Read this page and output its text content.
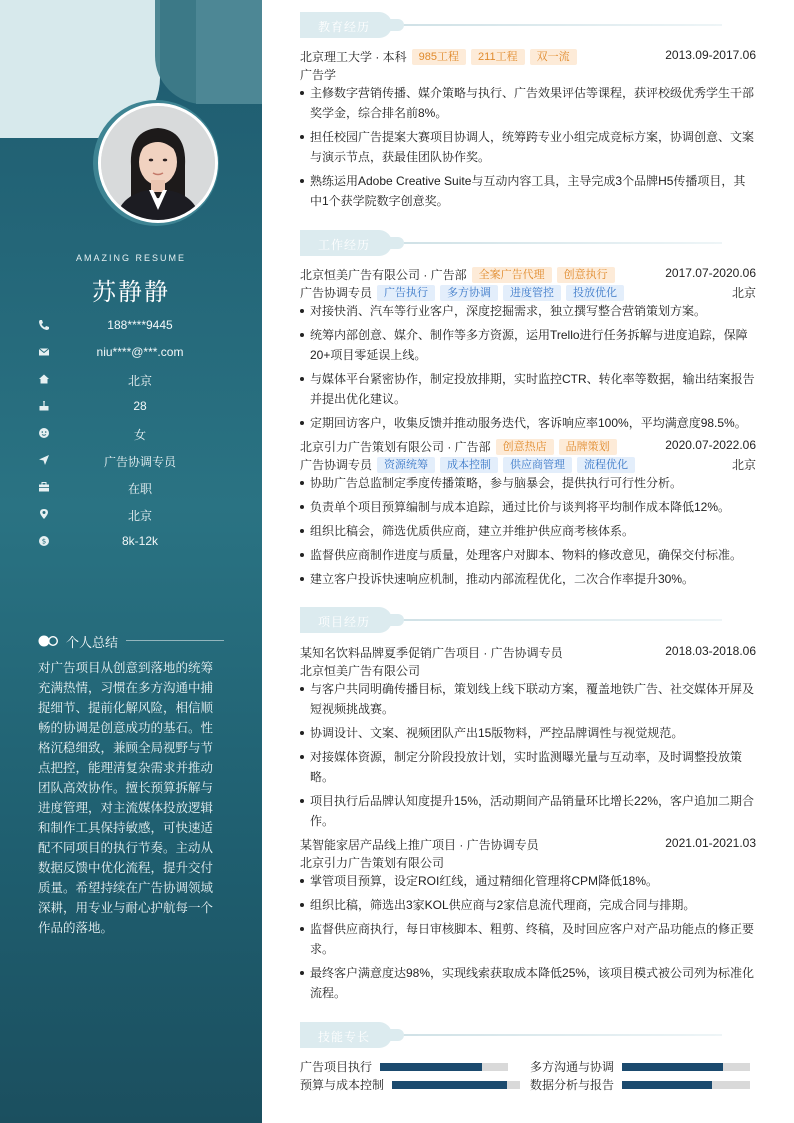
AMAZING RESUME
苏静静
188****9445
niu****@***.com
北京
28
女
广告协调专员
在职
北京
$	8k-12k
个人总结
对广告项目从创意到落地的统筹充满热情，习惯在多方沟通中捕捉细节、提前化解风险，相信顺畅的协调是创意成功的基石。性格沉稳细致，兼顾全局视野与节点把控，能理清复杂需求并推动团队高效协作。擅长预算拆解与进度管理，对主流媒体投放逻辑和制作工具保持敏感，可快速适配不同项目的执行节奏。主动从数据反馈中优化流程，提升交付质量。希望持续在广告协调领域深耕，用专业与耐心护航每一个作品的落地。
教育经历
北京理工大学 · 本科 985工程 211工程 双一流	2013.09-2017.06
广告学
主修数字营销传播、媒介策略与执行、广告效果评估等课程，获评校级优秀学生干部奖学金，综合排名前8%。
担任校园广告提案大赛项目协调人，统筹跨专业小组完成竞标方案，协调创意、文案与演示节点，获最佳团队协作奖。
熟练运用Adobe Creative Suite与互动内容工具，主导完成3个品牌H5传播项目，其中1个获学院数字创意奖。
工作经历
北京恒美广告有限公司 · 广告部 全案广告代理 创意执行	2017.07-2020.06
广告协调专员 广告执行 多方协调 进度管控 投放优化	北京
对接快消、汽车等行业客户，深度挖掘需求，独立撰写整合营销策划方案。
统筹内部创意、媒介、制作等多方资源，运用Trello进行任务拆解与进度追踪，保障20+项目零延误上线。
与媒体平台紧密协作，制定投放排期，实时监控CTR、转化率等数据，输出结案报告并提出优化建议。
定期回访客户，收集反馈并推动服务迭代，客诉响应率100%，平均满意度98.5%。
北京引力广告策划有限公司 · 广告部 创意热店 品牌策划	2020.07-2022.06
广告协调专员 资源统筹 成本控制 供应商管理 流程优化	北京
协助广告总监制定季度传播策略，参与脑暴会，提供执行可行性分析。
负责单个项目预算编制与成本追踪，通过比价与谈判将平均制作成本降低12%。
组织比稿会，筛选优质供应商，建立并维护供应商考核体系。
监督供应商制作进度与质量，处理客户对脚本、物料的修改意见，确保交付标准。
建立客户投诉快速响应机制，推动内部流程优化，二次合作率提升30%。
项目经历
某知名饮料品牌夏季促销广告项目 · 广告协调专员	2018.03-2018.06
北京恒美广告有限公司
与客户共同明确传播目标，策划线上线下联动方案，覆盖地铁广告、社交媒体开屏及短视频挑战赛。
协调设计、文案、视频团队产出15版物料，严控品牌调性与视觉规范。
对接媒体资源，制定分阶段投放计划，实时监测曝光量与互动率，及时调整投放策略。
项目执行后品牌认知度提升15%，活动期间产品销量环比增长22%，客户追加二期合作。
某智能家居产品线上推广项目 · 广告协调专员	2021.01-2021.03
北京引力广告策划有限公司
掌管项目预算，设定ROI红线，通过精细化管理将CPM降低18%。
组织比稿，筛选出3家KOL供应商与2家信息流代理商，完成合同与排期。
监督供应商执行，每日审核脚本、粗剪、终稿，及时回应客户对产品功能点的修正要求。
最终客户满意度达98%，实现线索获取成本降低25%，该项目模式被公司列为标准化流程。
技能专长
广告项目执行	多方沟通与协调
预算与成本控制	数据分析与报告
